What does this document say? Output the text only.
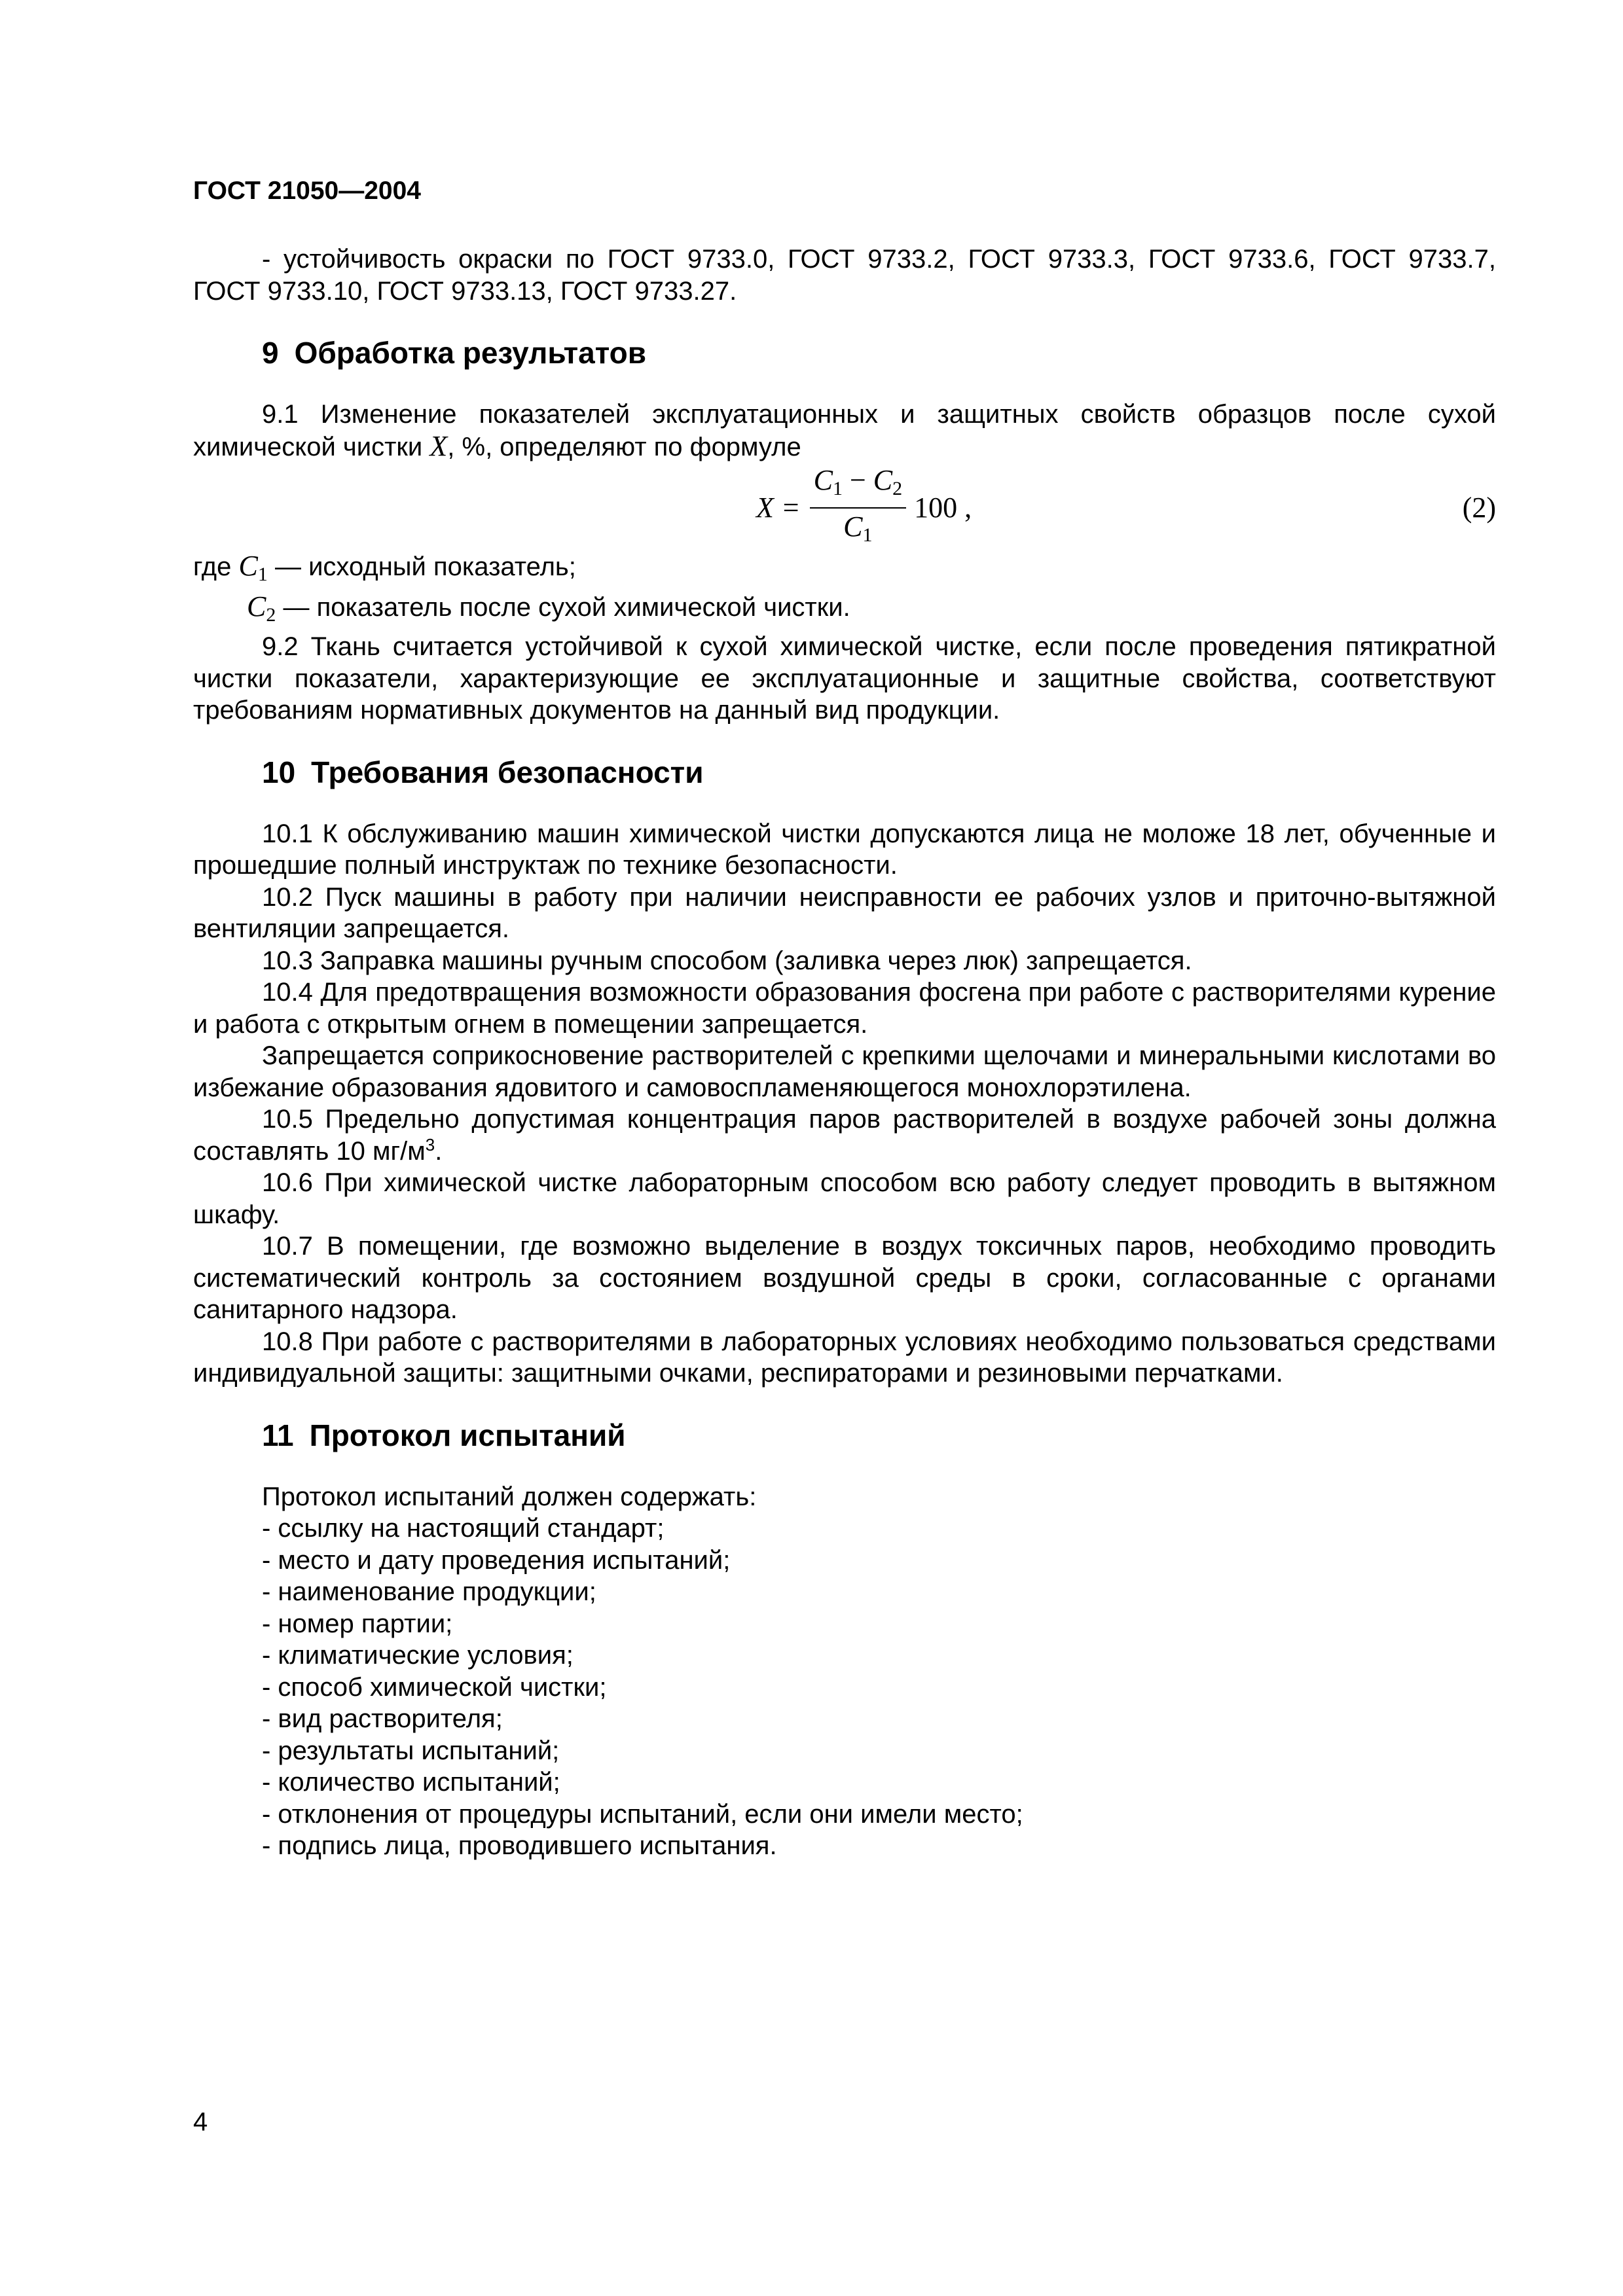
ГОСТ 21050—2004

- устойчивость окраски по ГОСТ 9733.0, ГОСТ 9733.2, ГОСТ 9733.3, ГОСТ 9733.6, ГОСТ 9733.7, ГОСТ 9733.10, ГОСТ 9733.13, ГОСТ 9733.27.

9 Обработка результатов

9.1 Изменение показателей эксплуатационных и защитных свойств образцов после сухой химической чистки X, %, определяют по формуле

$X = \frac{C_1 - C_2}{C_1} 100$ ,	(2)

где $C_1$ — исходный показатель;

$C_2$ — показатель после сухой химической чистки.

9.2 Ткань считается устойчивой к сухой химической чистке, если после проведения пятикратной чистки показатели, характеризующие ее эксплуатационные и защитные свойства, соответствуют требованиям нормативных документов на данный вид продукции.

10 Требования безопасности

10.1 К обслуживанию машин химической чистки допускаются лица не моложе 18 лет, обученные и прошедшие полный инструктаж по технике безопасности.

10.2 Пуск машины в работу при наличии неисправности ее рабочих узлов и приточно-вытяжной вентиляции запрещается.

10.3 Заправка машины ручным способом (заливка через люк) запрещается.

10.4 Для предотвращения возможности образования фосгена при работе с растворителями курение и работа с открытым огнем в помещении запрещается.

Запрещается соприкосновение растворителей с крепкими щелочами и минеральными кислотами во избежание образования ядовитого и самовоспламеняющегося монохлорэтилена.

10.5 Предельно допустимая концентрация паров растворителей в воздухе рабочей зоны должна составлять 10 $мг/м^3$.

10.6 При химической чистке лабораторным способом всю работу следует проводить в вытяжном шкафу.

10.7 В помещении, где возможно выделение в воздух токсичных паров, необходимо проводить систематический контроль за состоянием воздушной среды в сроки, согласованные с органами санитарного надзора.

10.8 При работе с растворителями в лабораторных условиях необходимо пользоваться средствами индивидуальной защиты: защитными очками, респираторами и резиновыми перчатками.

11 Протокол испытаний

Протокол испытаний должен содержать:

- ссылку на настоящий стандарт;
- место и дату проведения испытаний;
- наименование продукции;
- номер партии;
- климатические условия;
- способ химической чистки;
- вид растворителя;
- результаты испытаний;
- количество испытаний;
- отклонения от процедуры испытаний, если они имели место;
- подпись лица, проводившего испытания.
4
